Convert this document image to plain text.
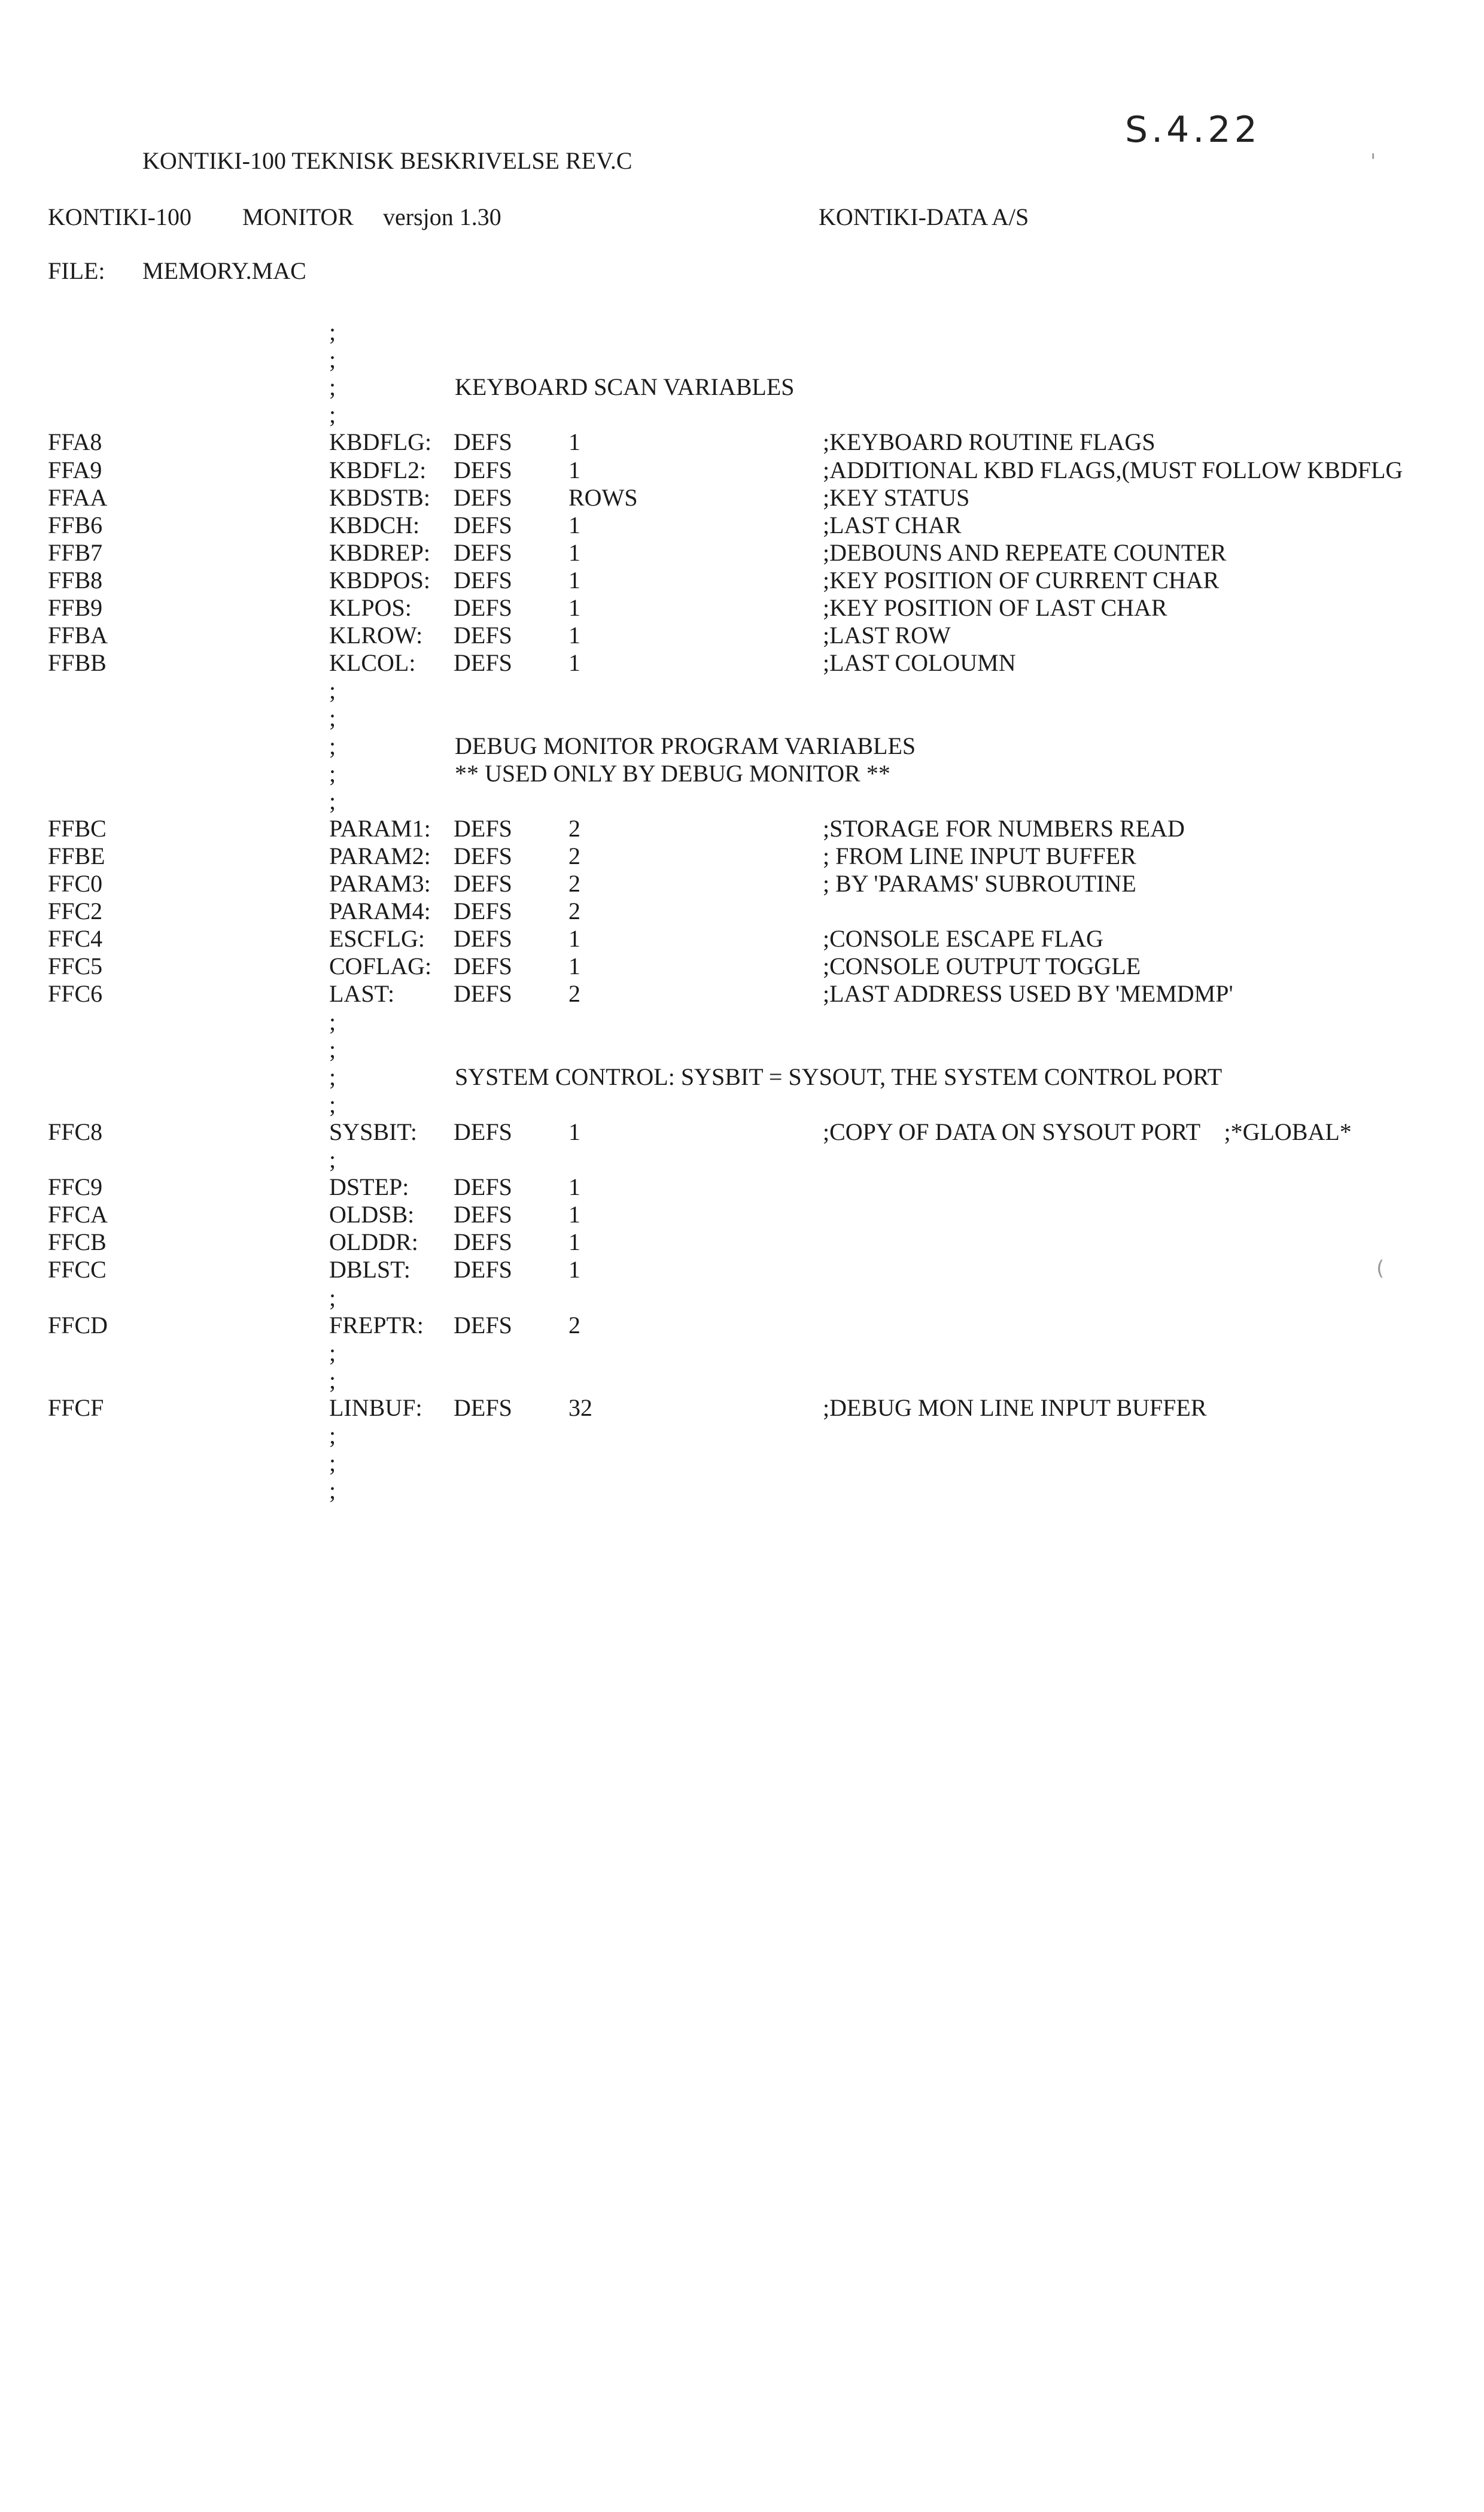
S.4.22
KONTIKI-100 TEKNISK BESKRIVELSE REV.C
KONTIKI-100 MONITOR versjon 1.30	KONTIKI-DATA A/S
FILE: MEMORY.MAC
;
;
;	KEYBOARD SCAN VARIABLES
;
FFA8	KBDFLG: DEFS 1	;KEYBOARD ROUTINE FLAGS
FFA9	KBDFL2: DEFS 1	;ADDITIONAL KBD FLAGS,(MUST FOLLOW KBDFLG
FFAA	KBDSTB: DEFS ROWS	;KEY STATUS
FFB6	KBDCH: DEFS 1	;LAST CHAR
FFB7	KBDREP: DEFS 1	;DEBOUNS AND REPEATE COUNTER
FFB8	KBDPOS: DEFS 1	;KEY POSITION OF CURRENT CHAR
FFB9	KLPOS: DEFS 1	;KEY POSITION OF LAST CHAR
FFBA	KLROW: DEFS 1	;LAST ROW
FFBB	KLCOL: DEFS 1	;LAST COLOUMN
;
;
;	DEBUG MONITOR PROGRAM VARIABLES
;	** USED ONLY BY DEBUG MONITOR **
;
FFBC	PARAM1: DEFS 2	;STORAGE FOR NUMBERS READ
FFBE	PARAM2: DEFS 2	; FROM LINE INPUT BUFFER
FFC0	PARAM3: DEFS 2	; BY 'PARAMS' SUBROUTINE
FFC2	PARAM4: DEFS 2
FFC4	ESCFLG: DEFS 1	;CONSOLE ESCAPE FLAG
FFC5	COFLAG: DEFS 1	;CONSOLE OUTPUT TOGGLE
FFC6	LAST: DEFS 2	;LAST ADDRESS USED BY 'MEMDMP'
;
;
;	SYSTEM CONTROL: SYSBIT = SYSOUT, THE SYSTEM CONTROL PORT
;
FFC8	SYSBIT: DEFS 1	;COPY OF DATA ON SYSOUT PORT    ;*GLOBAL*
;
FFC9	DSTEP: DEFS 1
FFCA	OLDSB: DEFS 1
FFCB	OLDDR: DEFS 1
FFCC	DBLST: DEFS 1
;
FFCD	FREPTR: DEFS 2
;
;
FFCF	LINBUF: DEFS 32	;DEBUG MON LINE INPUT BUFFER
;
;
;
'
(
